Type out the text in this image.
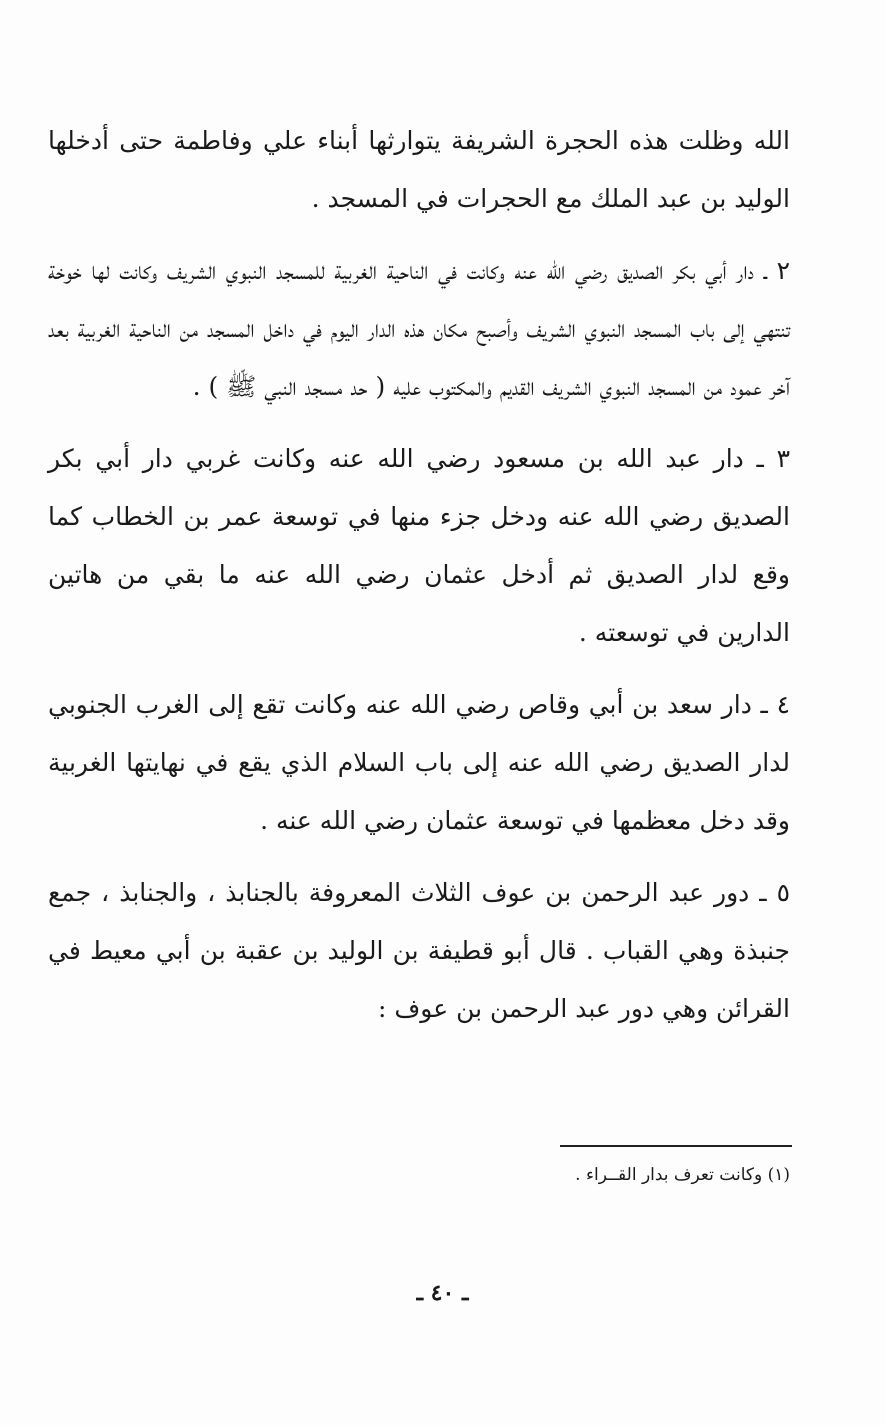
الله وظلت هذه الحجرة الشريفة يتوارثها أبناء علي وفاطمة حتى أدخلها الوليد بن عبد الملك مع الحجرات في المسجد .

٢ ـ دار أبي بكر الصديق رضي الله عنه وكانت في الناحية الغربية للمسجد النبوي الشريف وكانت لها خوخة تنتهي إلى باب المسجد النبوي الشريف وأصبح مكان هذه الدار اليوم في داخل المسجد من الناحية الغربية بعد آخر عمود من المسجد النبوي الشريف القديم والمكتوب عليه ( حد مسجد النبي ﷺ ) .

٣ ـ دار عبد الله بن مسعود رضي الله عنه وكانت غربي دار أبي بكر الصديق رضي الله عنه ودخل جزء منها في توسعة عمر بن الخطاب كما وقع لدار الصديق ثم أدخل عثمان رضي الله عنه ما بقي من هاتين الدارين في توسعته .

٤ ـ دار سعد بن أبي وقاص رضي الله عنه وكانت تقع إلى الغرب الجنوبي لدار الصديق رضي الله عنه إلى باب السلام الذي يقع في نهايتها الغربية وقد دخل معظمها في توسعة عثمان رضي الله عنه .

٥ ـ دور عبد الرحمن بن عوف الثلاث المعروفة بالجنابذ ، والجنابذ ، جمع جنبذة وهي القباب . قال أبو قطيفة بن الوليد بن عقبة بن أبي معيط في القرائن وهي دور عبد الرحمن بن عوف :

(١) وكانت تعرف بدار القــراء .
ـ ٤٠ ـ
